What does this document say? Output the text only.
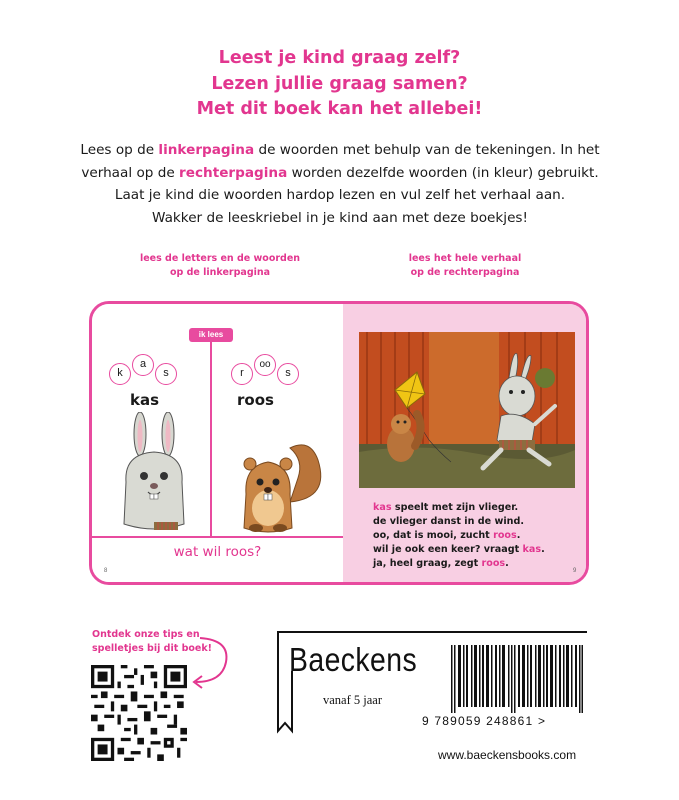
Leest je kind graag zelf?
Lezen jullie graag samen?
Met dit boek kan het allebei!
Lees op de linkerpagina de woorden met behulp van de tekeningen. In het
verhaal op de rechterpagina worden dezelfde woorden (in kleur) gebruikt.
Laat je kind die woorden hardop lezen en vul zelf het verhaal aan.
Wakker de leeskriebel in je kind aan met deze boekjes!
lees de letters en de woorden
op de linkerpagina
lees het hele verhaal
op de rechterpagina
ik lees
k
a
s
kas
r
oo
s
roos
wat wil roos?
8
kas speelt met zijn vlieger.
de vlieger danst in de wind.
oo, dat is mooi, zucht roos.
wil je ook een keer? vraagt kas.
ja, heel graag, zegt roos.
9
Ontdek onze tips en
spelletjes bij dit boek!	Baeckens
vanaf 5 jaar
9 789059 248861 >
www.baeckensbooks.com
